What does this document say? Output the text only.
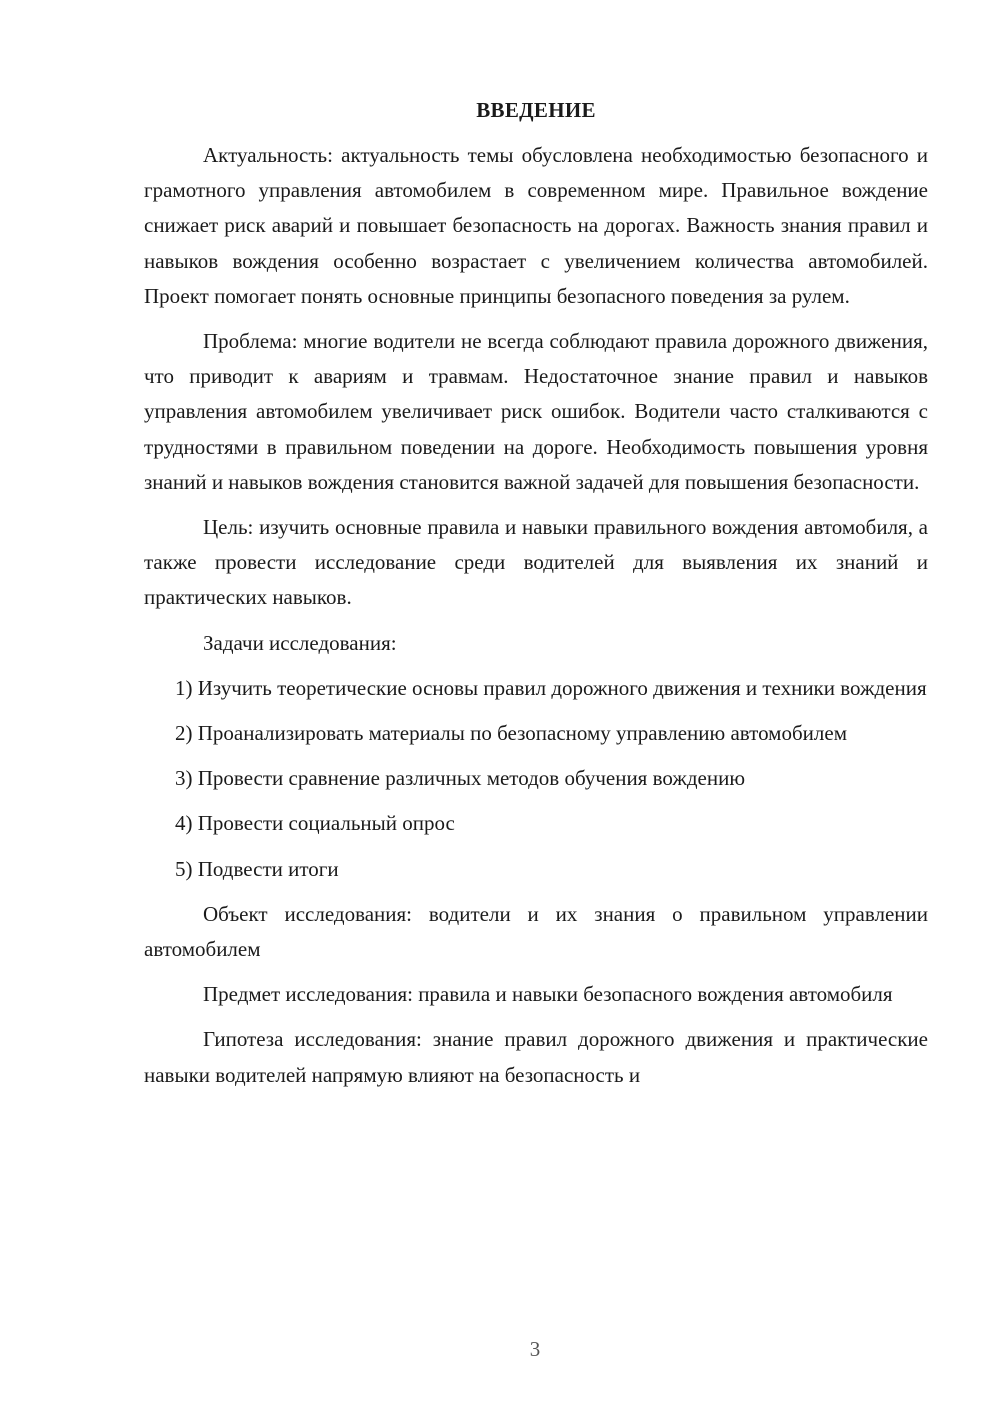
ВВЕДЕНИЕ

Актуальность: актуальность темы обусловлена необходимостью безопасного и грамотного управления автомобилем в современном мире. Правильное вождение снижает риск аварий и повышает безопасность на дорогах. Важность знания правил и навыков вождения особенно возрастает с увеличением количества автомобилей. Проект помогает понять основные принципы безопасного поведения за рулем.

Проблема: многие водители не всегда соблюдают правила дорожного движения, что приводит к авариям и травмам. Недостаточное знание правил и навыков управления автомобилем увеличивает риск ошибок. Водители часто сталкиваются с трудностями в правильном поведении на дороге. Необходимость повышения уровня знаний и навыков вождения становится важной задачей для повышения безопасности.

Цель: изучить основные правила и навыки правильного вождения автомобиля, а также провести исследование среди водителей для выявления их знаний и практических навыков.

Задачи исследования:

1) Изучить теоретические основы правил дорожного движения и техники вождения

2) Проанализировать материалы по безопасному управлению автомобилем

3) Провести сравнение различных методов обучения вождению

4) Провести социальный опрос

5) Подвести итоги

Объект исследования: водители и их знания о правильном управлении автомобилем

Предмет исследования: правила и навыки безопасного вождения автомобиля

Гипотеза исследования: знание правил дорожного движения и практические навыки водителей напрямую влияют на безопасность и

3
